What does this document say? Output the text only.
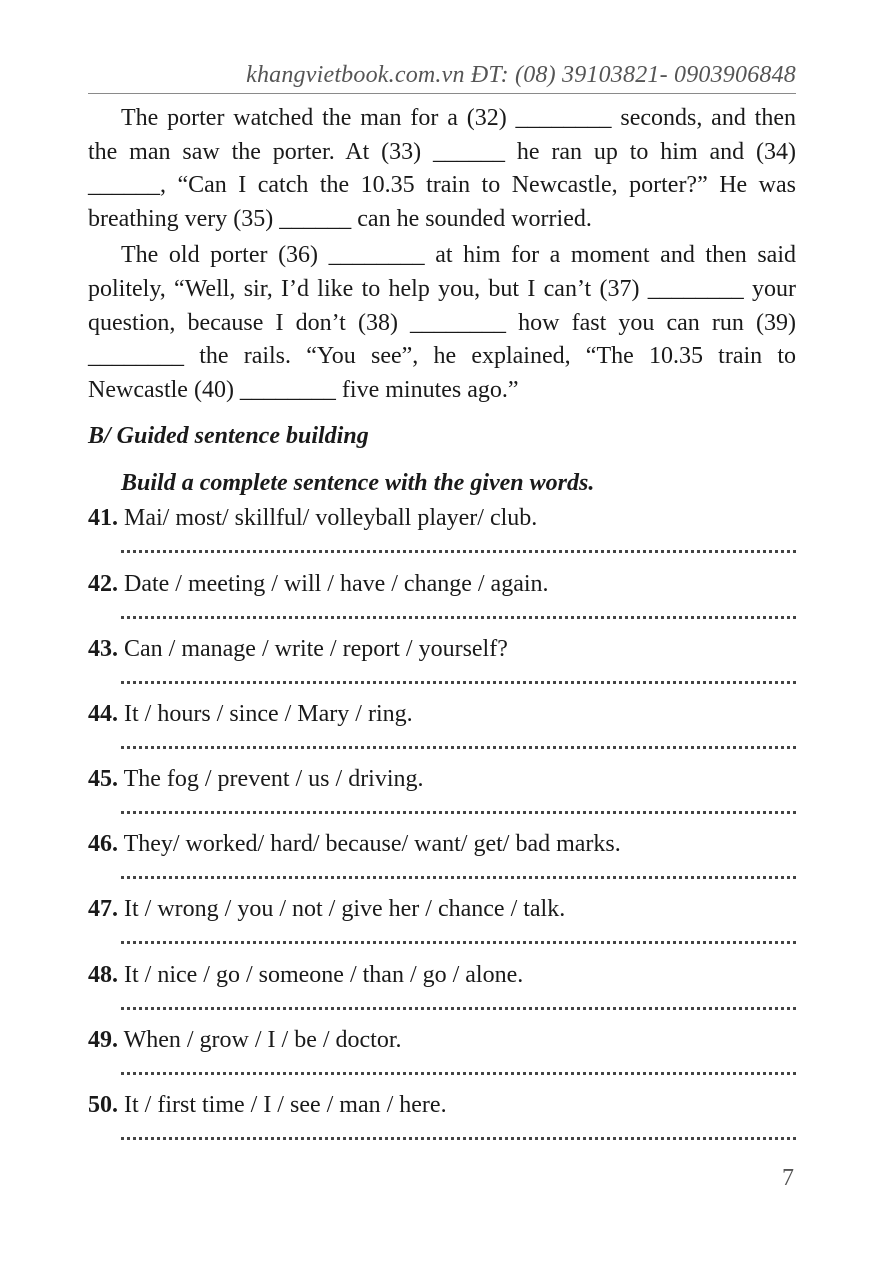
khangvietbook.com.vn ĐT: (08) 39103821- 0903906848

The porter watched the man for a (32) ________ seconds, and then the man saw the porter. At (33) ______ he ran up to him and (34) ______, “Can I catch the 10.35 train to Newcastle, porter?” He was breathing very (35) ______ can he sounded worried.

The old porter (36) ________ at him for a moment and then said politely, “Well, sir, I’d like to help you, but I can’t (37) ________ your question, because I don’t (38) ________ how fast you can run (39) ________ the rails. “You see”, he explained, “The 10.35 train to Newcastle (40) ________ five minutes ago.”

B/ Guided sentence building
Build a complete sentence with the given words.
41. Mai/ most/ skillful/ volleyball player/ club.
42. Date / meeting / will / have / change / again.
43. Can / manage / write / report / yourself?
44. It / hours / since / Mary / ring.
45. The fog / prevent / us / driving.
46. They/ worked/ hard/ because/ want/ get/ bad marks.
47. It / wrong / you / not / give her / chance / talk.
48. It / nice / go / someone / than / go / alone.
49. When / grow / I / be / doctor.
50. It / first time / I / see / man / here.
7
